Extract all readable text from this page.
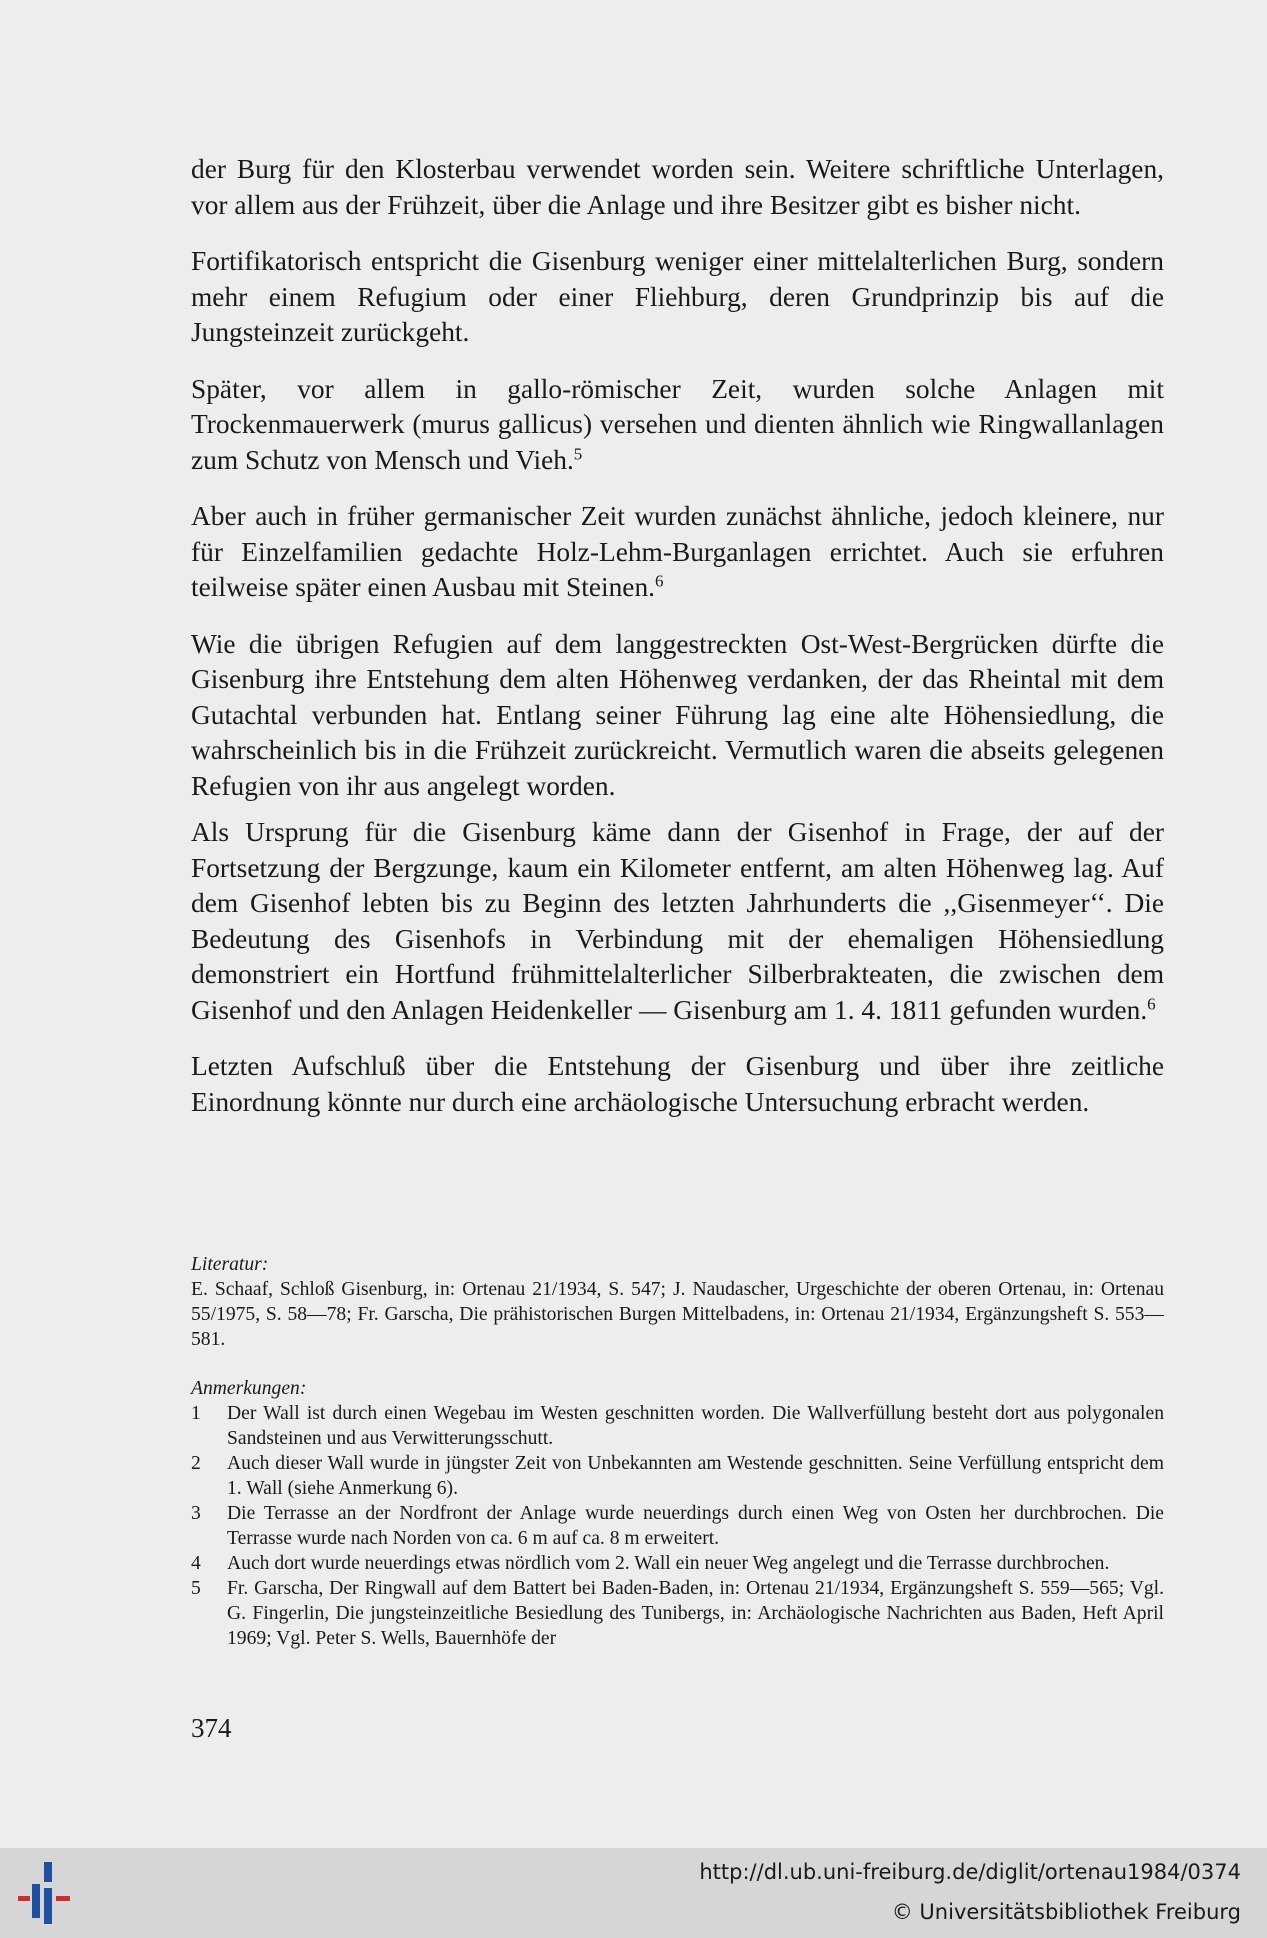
der Burg für den Klosterbau verwendet worden sein. Weitere schriftliche Unterlagen, vor allem aus der Frühzeit, über die Anlage und ihre Besitzer gibt es bisher nicht.

Fortifikatorisch entspricht die Gisenburg weniger einer mittelalterlichen Burg, sondern mehr einem Refugium oder einer Fliehburg, deren Grundprinzip bis auf die Jungsteinzeit zurückgeht.

Später, vor allem in gallo-römischer Zeit, wurden solche Anlagen mit Trockenmauerwerk (murus gallicus) versehen und dienten ähnlich wie Ringwallanlagen zum Schutz von Mensch und Vieh.$^5$

Aber auch in früher germanischer Zeit wurden zunächst ähnliche, jedoch kleinere, nur für Einzelfamilien gedachte Holz-Lehm-Burganlagen errichtet. Auch sie erfuhren teilweise später einen Ausbau mit Steinen.$^6$

Wie die übrigen Refugien auf dem langgestreckten Ost-West-Bergrücken dürfte die Gisenburg ihre Entstehung dem alten Höhenweg verdanken, der das Rheintal mit dem Gutachtal verbunden hat. Entlang seiner Führung lag eine alte Höhensiedlung, die wahrscheinlich bis in die Frühzeit zurückreicht. Vermutlich waren die abseits gelegenen Refugien von ihr aus angelegt worden.

Als Ursprung für die Gisenburg käme dann der Gisenhof in Frage, der auf der Fortsetzung der Bergzunge, kaum ein Kilometer entfernt, am alten Höhenweg lag. Auf dem Gisenhof lebten bis zu Beginn des letzten Jahrhunderts die ,,Gisenmeyer‘‘. Die Bedeutung des Gisenhofs in Verbindung mit der ehemaligen Höhensiedlung demonstriert ein Hortfund frühmittelalterlicher Silberbrakteaten, die zwischen dem Gisenhof und den Anlagen Heidenkeller — Gisenburg am 1. 4. 1811 gefunden wurden.$^6$

Letzten Aufschluß über die Entstehung der Gisenburg und über ihre zeitliche Einordnung könnte nur durch eine archäologische Untersuchung erbracht werden.

Literatur:

E. Schaaf, Schloß Gisenburg, in: Ortenau 21/1934, S. 547; J. Naudascher, Urgeschichte der oberen Ortenau, in: Ortenau 55/1975, S. 58—78; Fr. Garscha, Die prähistorischen Burgen Mittelbadens, in: Ortenau 21/1934, Ergänzungsheft S. 553—581.

Anmerkungen:

1	Der Wall ist durch einen Wegebau im Westen geschnitten worden. Die Wallverfüllung besteht dort aus polygonalen Sandsteinen und aus Verwitterungsschutt.
2	Auch dieser Wall wurde in jüngster Zeit von Unbekannten am Westende geschnitten. Seine Verfüllung entspricht dem 1. Wall (siehe Anmerkung 6).
3	Die Terrasse an der Nordfront der Anlage wurde neuerdings durch einen Weg von Osten her durchbrochen. Die Terrasse wurde nach Norden von ca. 6 m auf ca. 8 m erweitert.
4	Auch dort wurde neuerdings etwas nördlich vom 2. Wall ein neuer Weg angelegt und die Terrasse durchbrochen.
5	Fr. Garscha, Der Ringwall auf dem Battert bei Baden-Baden, in: Ortenau 21/1934, Ergänzungsheft S. 559—565; Vgl. G. Fingerlin, Die jungsteinzeitliche Besiedlung des Tunibergs, in: Archäologische Nachrichten aus Baden, Heft April 1969; Vgl. Peter S. Wells, Bauernhöfe der
374
http://dl.ub.uni-freiburg.de/diglit/ortenau1984/0374
© Universitätsbibliothek Freiburg
